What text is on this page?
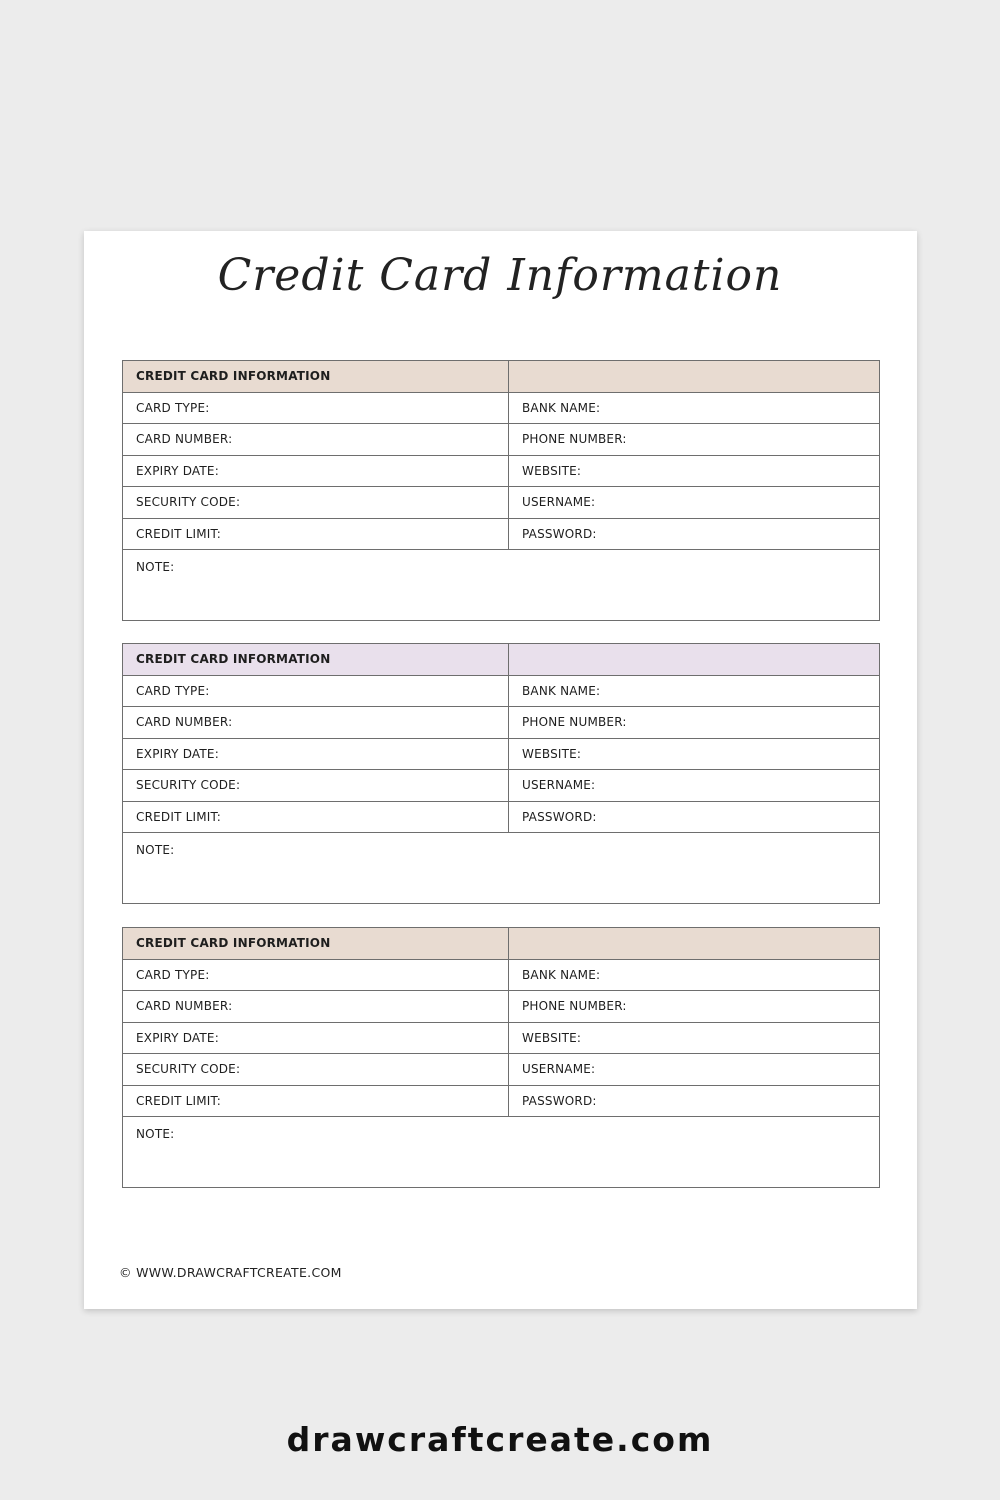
Credit Card Information
CREDIT CARD INFORMATION
CARD TYPE:	BANK NAME:
CARD NUMBER:	PHONE NUMBER:
EXPIRY DATE:	WEBSITE:
SECURITY CODE:	USERNAME:
CREDIT LIMIT:	PASSWORD:
NOTE:
CREDIT CARD INFORMATION
CARD TYPE:	BANK NAME:
CARD NUMBER:	PHONE NUMBER:
EXPIRY DATE:	WEBSITE:
SECURITY CODE:	USERNAME:
CREDIT LIMIT:	PASSWORD:
NOTE:
CREDIT CARD INFORMATION
CARD TYPE:	BANK NAME:
CARD NUMBER:	PHONE NUMBER:
EXPIRY DATE:	WEBSITE:
SECURITY CODE:	USERNAME:
CREDIT LIMIT:	PASSWORD:
NOTE:
© WWW.DRAWCRAFTCREATE.COM
drawcraftcreate.com
